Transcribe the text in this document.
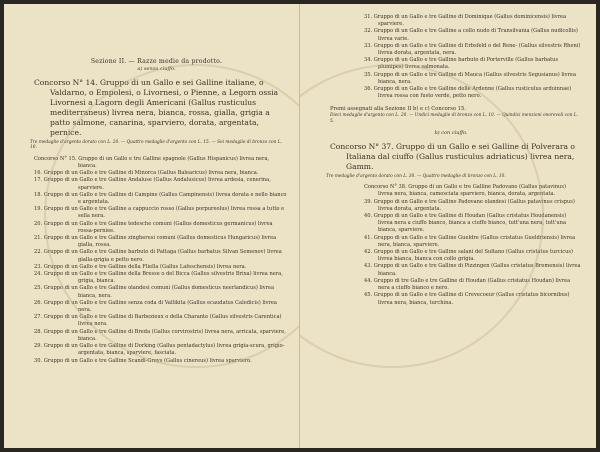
Sezione II. — Razze medie da prodotto.

a) senza ciuffo.

Concorso N° 14. Gruppo di un Gallo e sei Galline italiane, o Valdarno, o Empolesi, o Livornesi, o Pienne, a Legorn ossia Livornesi a Lagorn degli Americani (Gallus rusticulus mediterraneus) livrea nera, bianca, rossa, gialla, grigia a patto salmone, canarina, sparviero, dorata, argentata, pernice.

Tre medaglie d'argento dorato con L. 20. — Quattro medaglie d'argento con L. 15. — Sei medaglie di bronzo con L. 10.

Concorso N° 15. Gruppo di un Gallo e tre Galline spagnole (Gallus Hispanicus) livrea nera, bianca.

16. Gruppo di un Gallo e tre Galline di Minorca (Gallus Balearicus) livrea nera, bianca.

17. Gruppo di un Gallo e tre Galline Andaluse (Gallus Andalusicus) livrea ardesia, cenerina, sparviere.

18. Gruppo di un Gallo e tre Galline di Campine (Gallus Campinensis) livrea dorata e nello bianco e argentata.

19. Gruppo di un Gallo e tre Galline a cappuccio rosso (Gallus porpureolus) livrea rossa a tutto e sella nera.

20. Gruppo di un Gallo e tre Galline tedesche comuni (Gallus domesticus germanicus) livrea rossa-perniee.

21. Gruppo di un Gallo e tre Galline zingheresi comuni (Gallus domesticus Hungaricus) livrea gialla, rossa.

22. Gruppo di un Gallo e tre Galline barbuto di Pattaga (Gallus barbatus Silvan Semenov) livrea gialla-grigia e petto nero.

23. Gruppo di un Gallo e tre Galline della Fliella (Gallus Lafeschensis) livrea nera.

24. Gruppo di un Gallo e tre Galline della Bresse o del Bicca (Gallus silvestris Brixa) livrea nera, grigia, bianca.

25. Gruppo di un Gallo e tre Galline olandesi comuni (Gallus domesticus neerlandicus) livrea bianca, nera.

26. Gruppo di un Gallo e tre Galline senza coda di Vallikita (Gallus ecaudatus Caledicis) livrea nera.

27. Gruppo di un Gallo e tre Galline di Barbezieux o della Charante (Gallus silvestris Carentica) livrea nera.

28. Gruppo di un Gallo e tre Galline di Breda (Gallus corvirostris) livrea nera, arricata, sparviere, bianca.

29. Gruppo di un Gallo e tre Galline di Dorking (Gallus pentadactylus) livrea grigia-scura, grigio-argentata, bianca, sparviere, fasciata.

30. Gruppo di un Gallo e tre Galline Scandi-Greys (Gallus cinereus) livrea sparviero.

31. Gruppo di un Gallo e tre Galline di Dominique (Gallus dominicensis) livrea sparviere.

32. Gruppo di un Gallo e tre Galline a collo nudo di Transilvania (Gallus nudicollis) livrea varie.

33. Gruppo di un Gallo e tre Galline di Erbsfeld o del Rene- (Gallus silvestris Rheni) livrea dorata, argentata, nera.

34. Gruppo di un Gallo e tre Galline barbuto di Porterville (Gallus barbatus plumipes) livrea salmonata.

35. Gruppo di un Gallo e tre Galline di Mauca (Gallus silvestris Segusianus) livrea bianca, nera.

36. Gruppo di un Gallo e tre Galline delle Ardenne (Gallus rusticulus arduinnae) livrea rossa con fusto verde, petto nero.

Premi assegnati alla Sezione II b) e c) Concorso 15.

Dieci medaglie d'argento con L. 20. — Undici medaglie di bronzo con L. 10. — Quindici menzioni onorevoli con L. 5.

b) con ciuffo.

Concorso N° 37. Gruppo di un Gallo e sei Galline di Polverara o Italiana dal ciuffo (Gallus rusticulus adriaticus) livrea nera, Gamm.

Tre medaglie d'argento dorato con L. 30. — Quattro medaglie di bronzo con L. 10.

Concorso N° 38. Gruppo di un Gallo e tre Galline Padovane (Gallus patavinus) livrea nera, bianca, camosciata sparviero, bianca, dorata, argentata.

39. Gruppo di un Gallo e tre Galline Padovane olandesi (Gallus patavinus crispus) livrea dorata, argentata.

40. Gruppo di un Gallo e tre Galline di Houdan (Gallus cristatus Houdanensis) livrea nera a ciuffo bianco, bianca a ciuffo bianco, tutt'una nera, tutt'una bianca, sparviere.

41. Gruppo di un Gallo e tre Galline Gueldre (Gallus cristatus Gueldriensis) livrea nera, bianca, sparviere.

42. Gruppo di un Gallo e tre Galline salani del Sultano (Gallus cristatus turcicus) livrea bianca, bianca con collo grigia.

43. Gruppo di un Gallo e tre Galline di Pizzingen (Gallus cristatus Bremensis) livrea bianca.

44. Gruppo di tre Gallo e tre Galline di Houdan (Gallus cristatus Houdan) livrea nera a ciuffo bianco e nero.

45. Gruppo di un Gallo e tre Galline di Crevecoeur (Gallus cristatus bicornibus) livrea nera, bianca, turchina.
